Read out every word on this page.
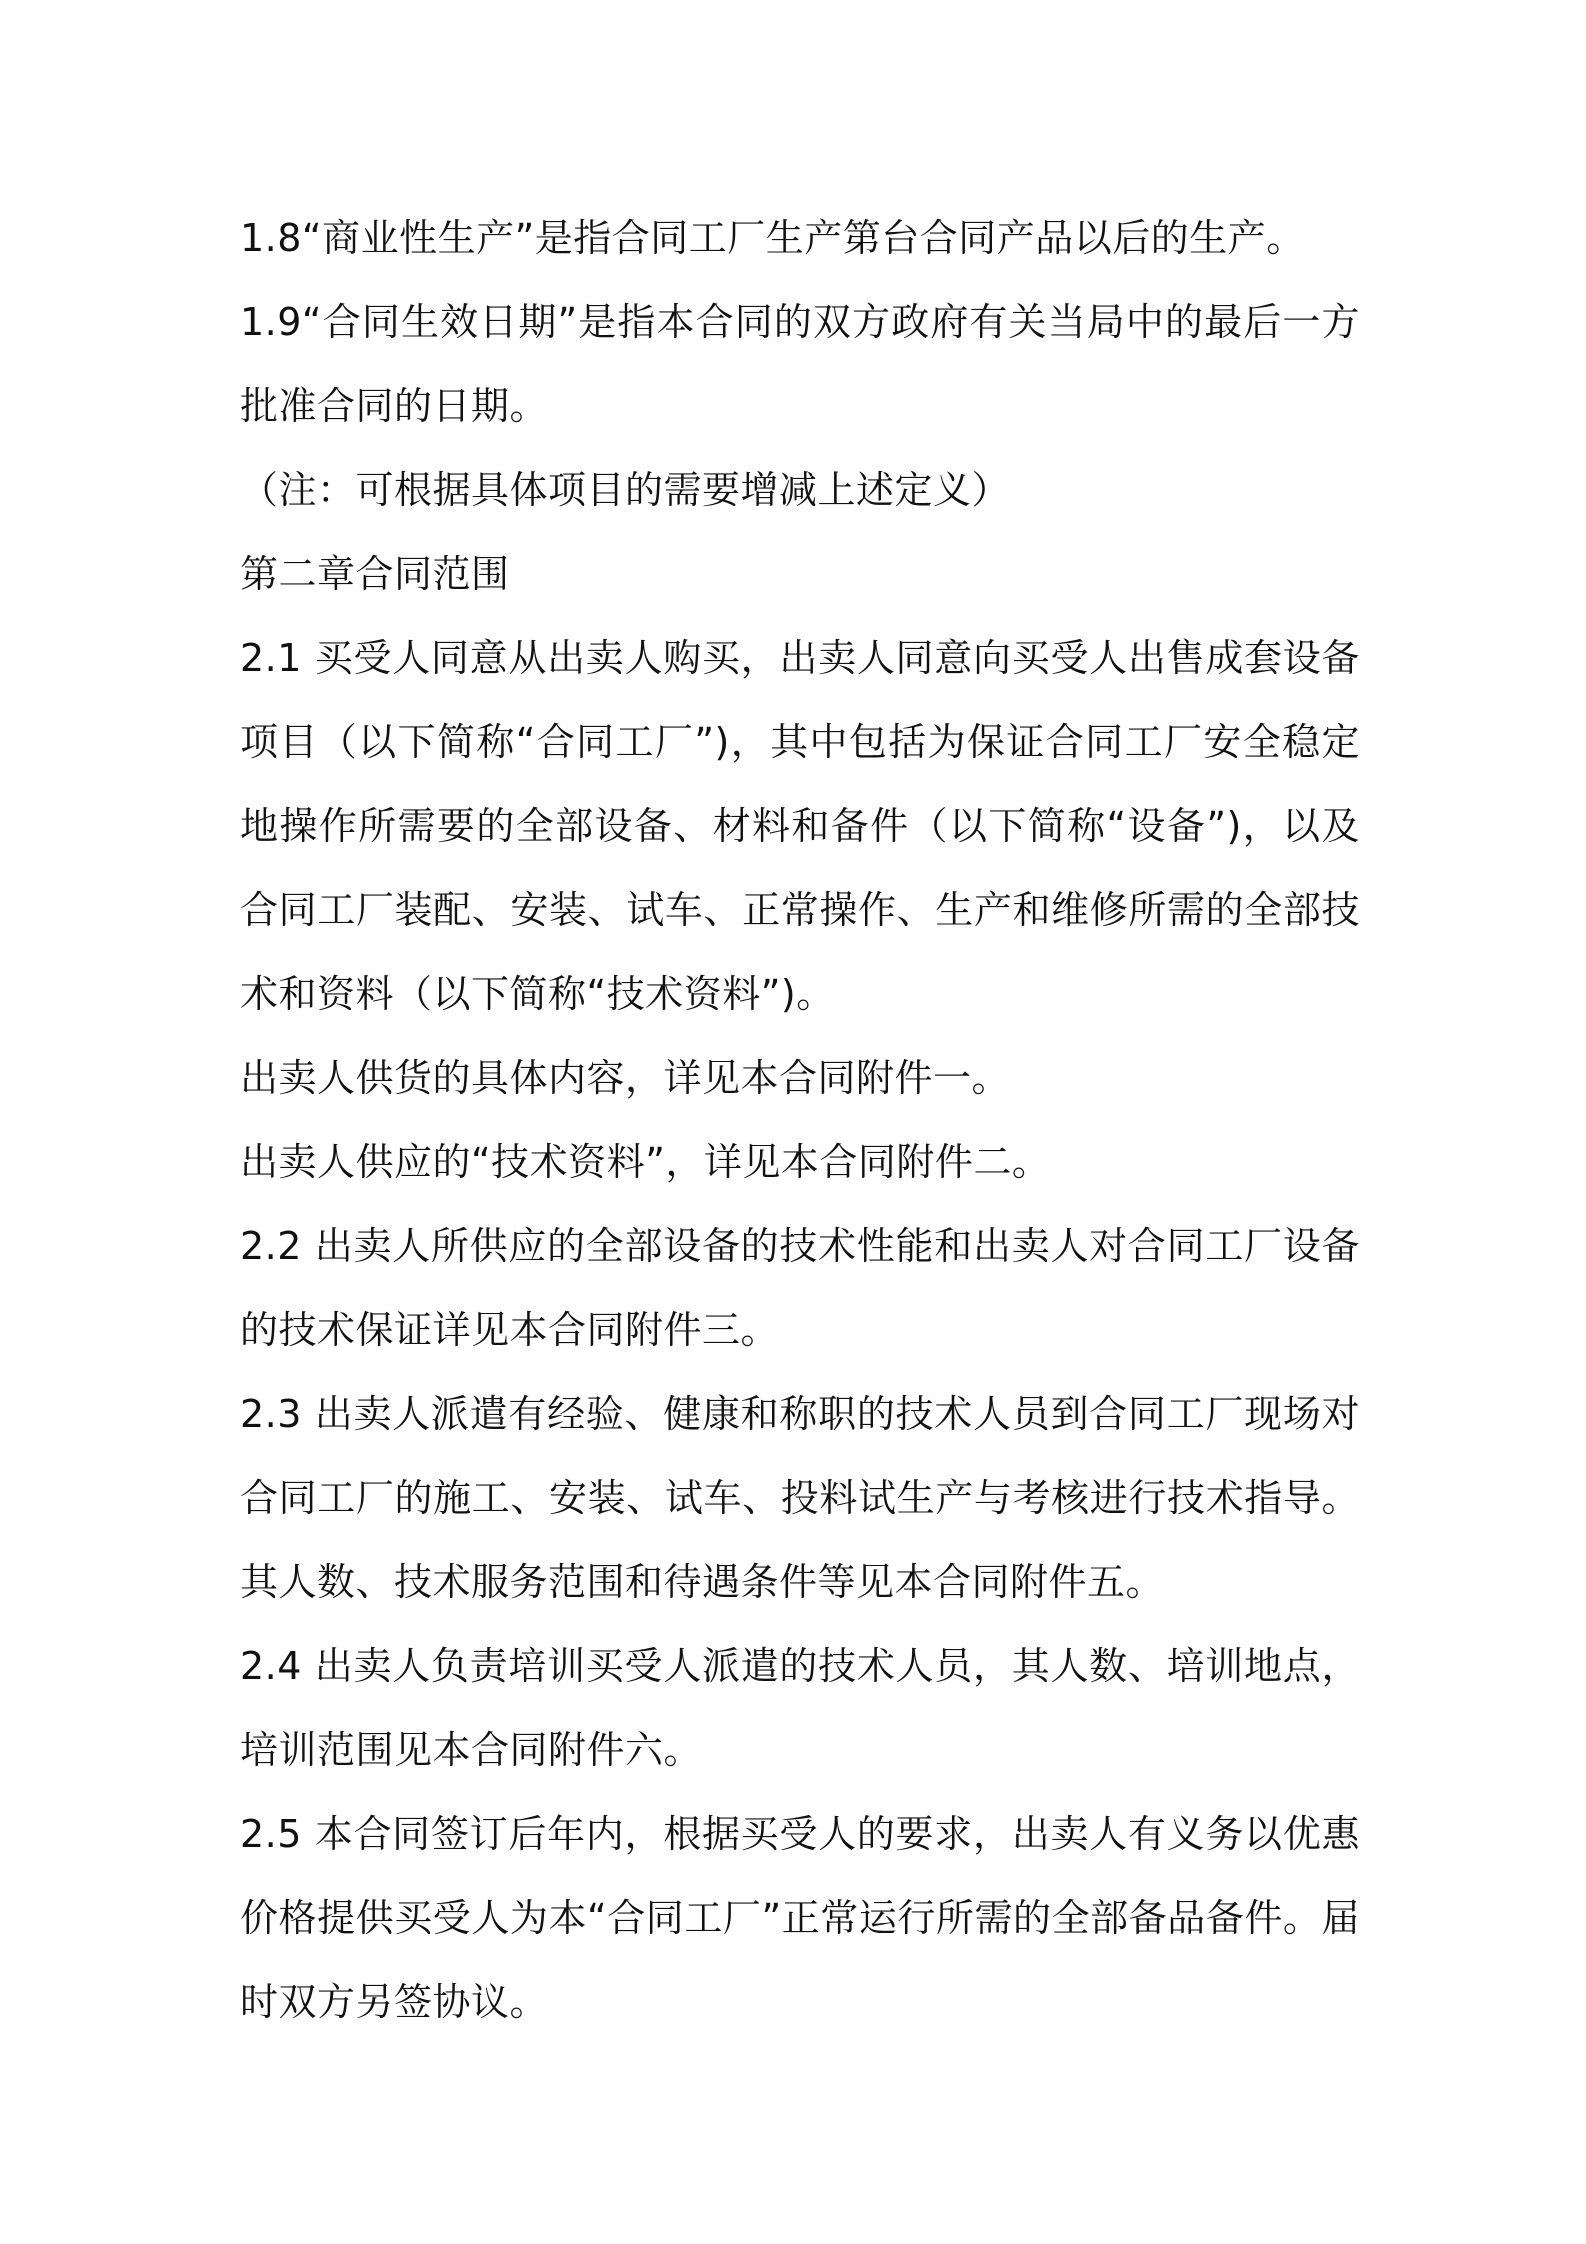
1.8“商业性生产”是指合同工厂生产第台合同产品以后的生产。

1.9“合同生效日期”是指本合同的双方政府有关当局中的最后一方批准合同的日期。

（注：可根据具体项目的需要增减上述定义）

第二章合同范围

2.1 买受人同意从出卖人购买，出卖人同意向买受人出售成套设备项目（以下简称“合同工厂”)，其中包括为保证合同工厂安全稳定地操作所需要的全部设备、材料和备件（以下简称“设备”)，以及合同工厂装配、安装、试车、正常操作、生产和维修所需的全部技术和资料（以下简称“技术资料”)。

出卖人供货的具体内容，详见本合同附件一。

出卖人供应的“技术资料”，详见本合同附件二。

2.2 出卖人所供应的全部设备的技术性能和出卖人对合同工厂设备的技术保证详见本合同附件三。

2.3 出卖人派遣有经验、健康和称职的技术人员到合同工厂现场对合同工厂的施工、安装、试车、投料试生产与考核进行技术指导。其人数、技术服务范围和待遇条件等见本合同附件五。

2.4 出卖人负责培训买受人派遣的技术人员，其人数、培训地点，培训范围见本合同附件六。

2.5 本合同签订后年内，根据买受人的要求，出卖人有义务以优惠价格提供买受人为本“合同工厂”正常运行所需的全部备品备件。届时双方另签协议。
